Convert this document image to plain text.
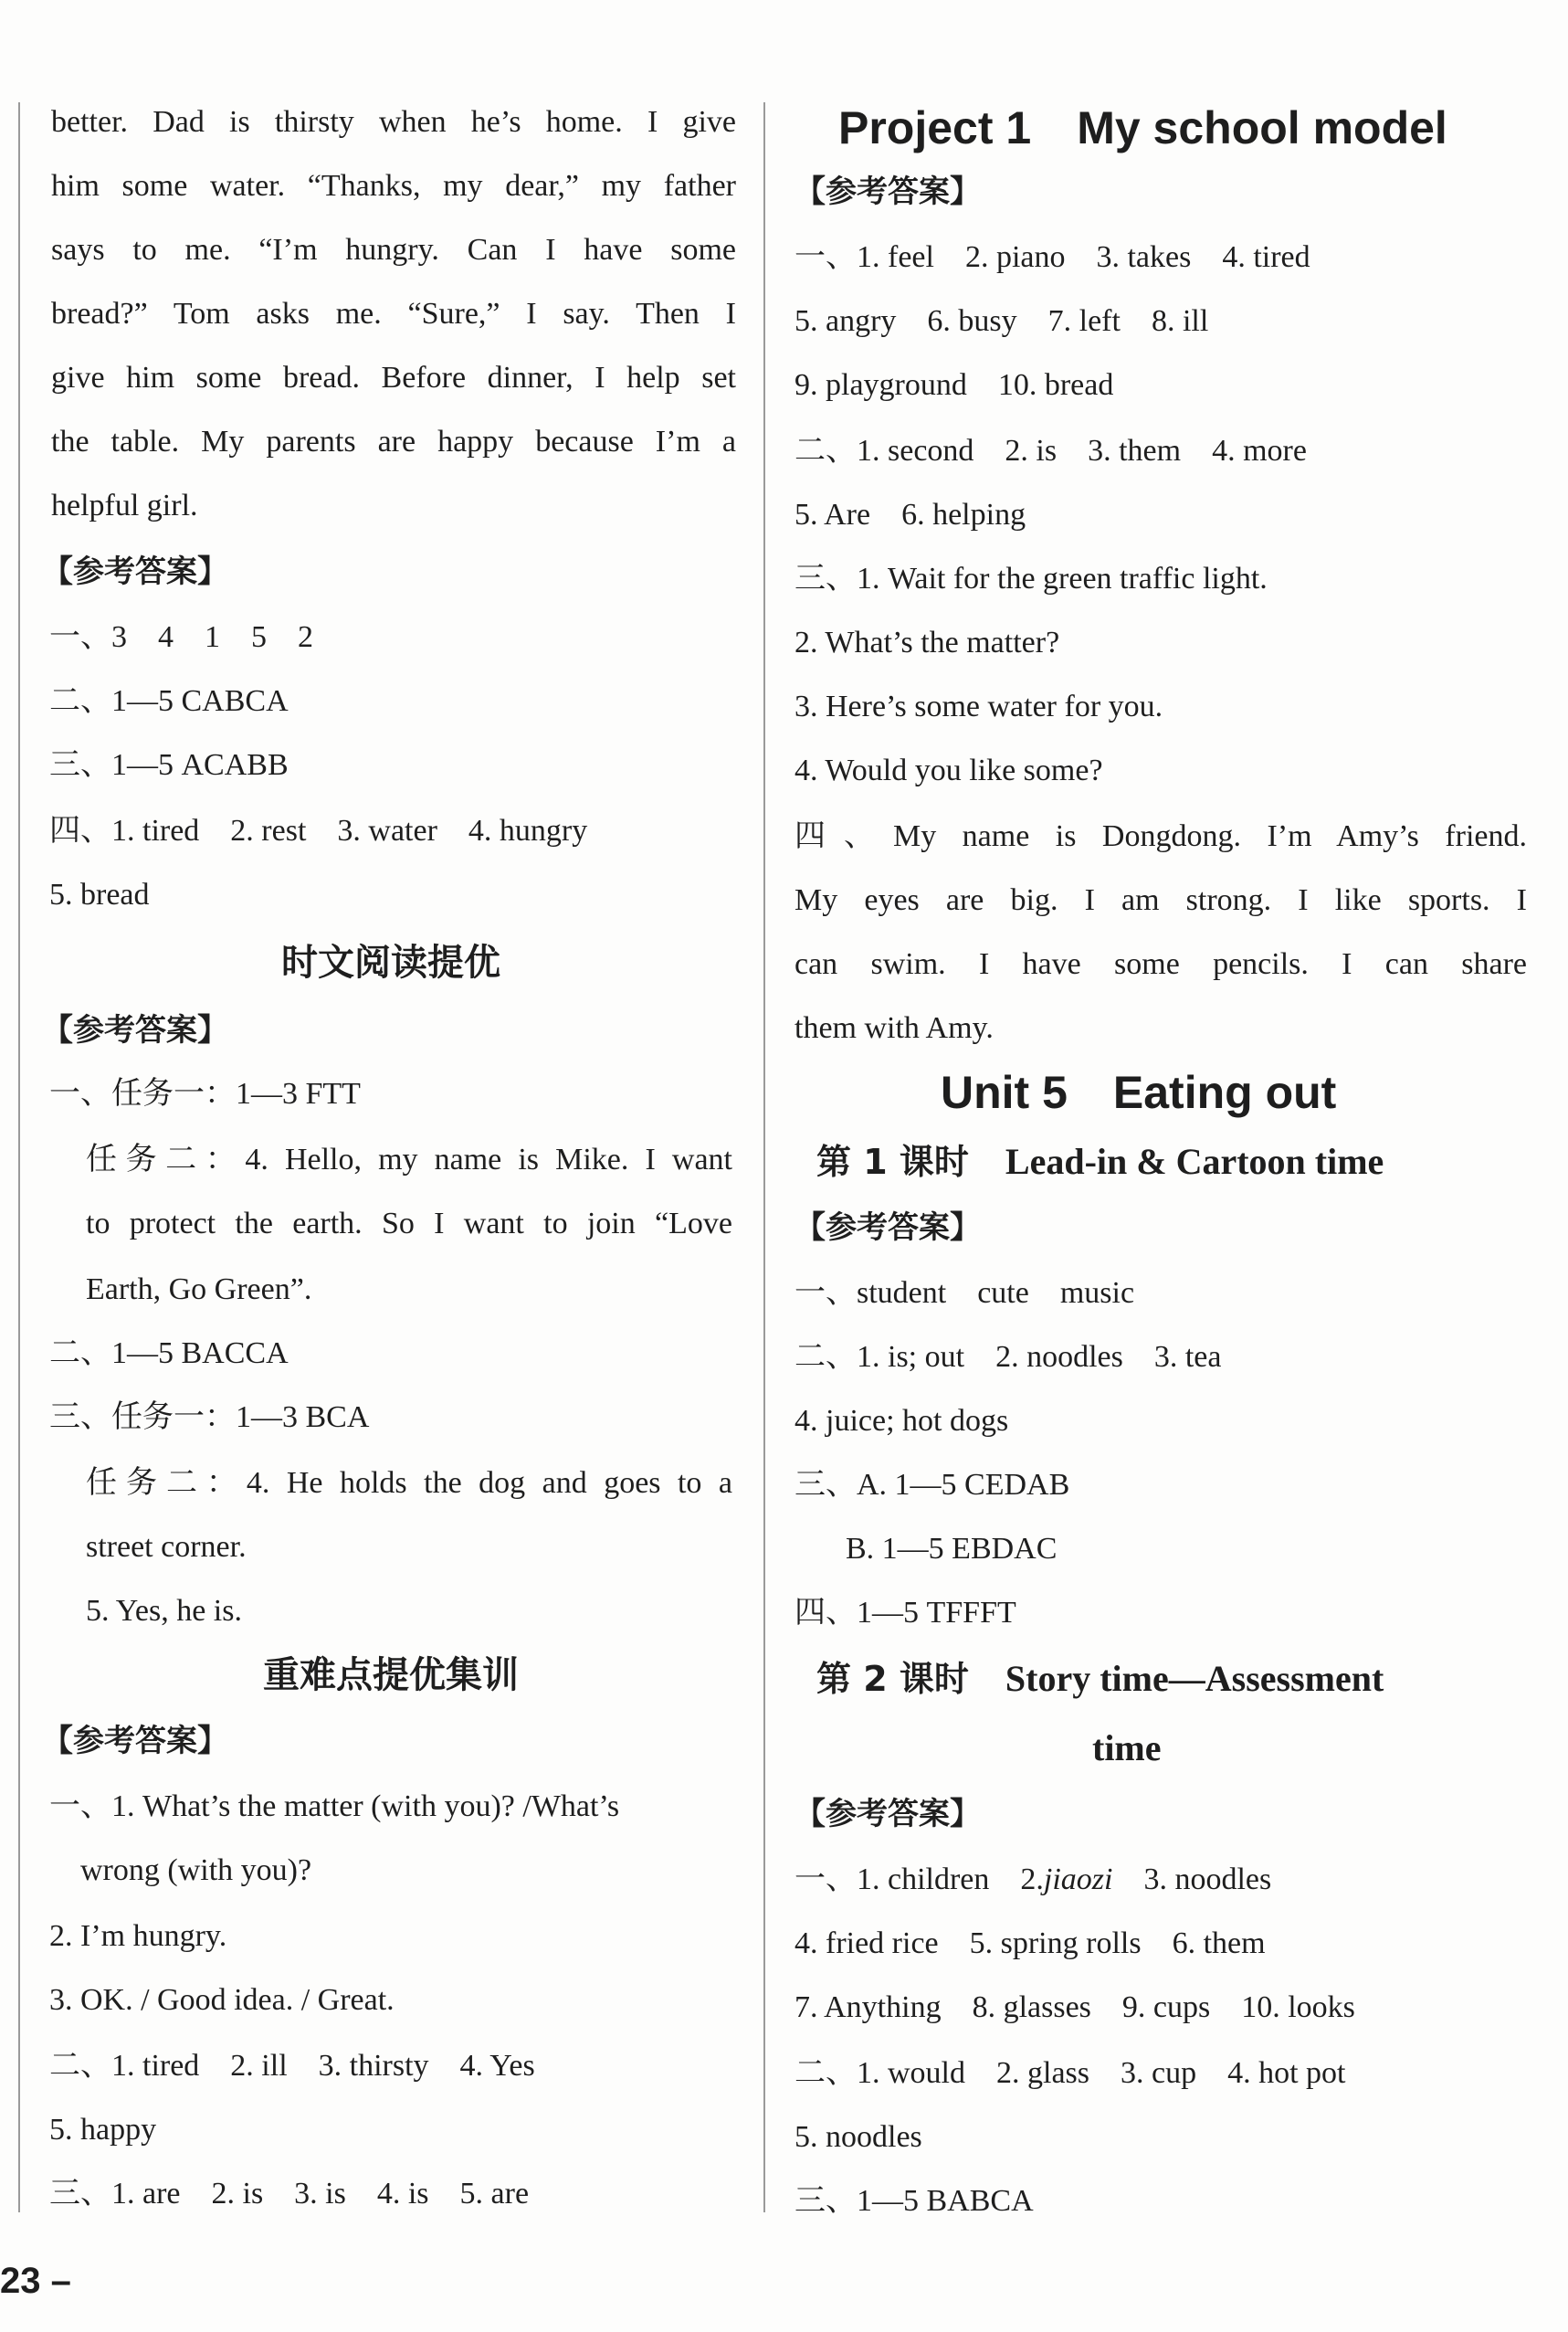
better. Dad is thirsty when he’s home. I give
him some water. “Thanks, my dear,” my father
says to me. “I’m hungry. Can I have some
bread?” Tom asks me. “Sure,” I say. Then I
give him some bread. Before dinner, I help set
the table. My parents are happy because I’m a
helpful girl.
【参考答案】
一、3　4　1　5　2
二、1—5 CABCA
三、1—5 ACABB
四、1. tired　2. rest　3. water　4. hungry
5. bread
时文阅读提优
【参考答案】
一、任务一：1—3 FTT
任务二：4. Hello, my name is Mike. I want
to protect the earth. So I want to join “Love
Earth, Go Green”.
二、1—5 BACCA
三、任务一：1—3 BCA
任务二：4. He holds the dog and goes to a
street corner.
5. Yes, he is.
重难点提优集训
【参考答案】
一、1. What’s the matter (with you)? /What’s
wrong (with you)?
2. I’m hungry.
3. OK. / Good idea. / Great.
二、1. tired　2. ill　3. thirsty　4. Yes
5. happy
三、1. are　2. is　3. is　4. is　5. are
Project 1　My school model
【参考答案】
一、1. feel　2. piano　3. takes　4. tired
5. angry　6. busy　7. left　8. ill
9. playground　10. bread
二、1. second　2. is　3. them　4. more
5. Are　6. helping
三、1. Wait for the green traffic light.
2. What’s the matter?
3. Here’s some water for you.
4. Would you like some?
四、My name is Dongdong. I’m Amy’s friend.
My eyes are big. I am strong. I like sports. I
can swim. I have some pencils. I can share
them with Amy.
Unit 5　Eating out
第 1 课时 Lead-in & Cartoon time
【参考答案】
一、student　cute　music
二、1. is; out　2. noodles　3. tea
4. juice; hot dogs
三、A. 1—5 CEDAB
B. 1—5 EBDAC
四、1—5 TFFFT
第 2 课时 Story time—Assessment
time
【参考答案】
一、1. children　2.jiaozi　3. noodles
4. fried rice　5. spring rolls　6. them
7. Anything　8. glasses　9. cups　10. looks
二、1. would　2. glass　3. cup　4. hot pot
5. noodles
三、1—5 BABCA
23 –
